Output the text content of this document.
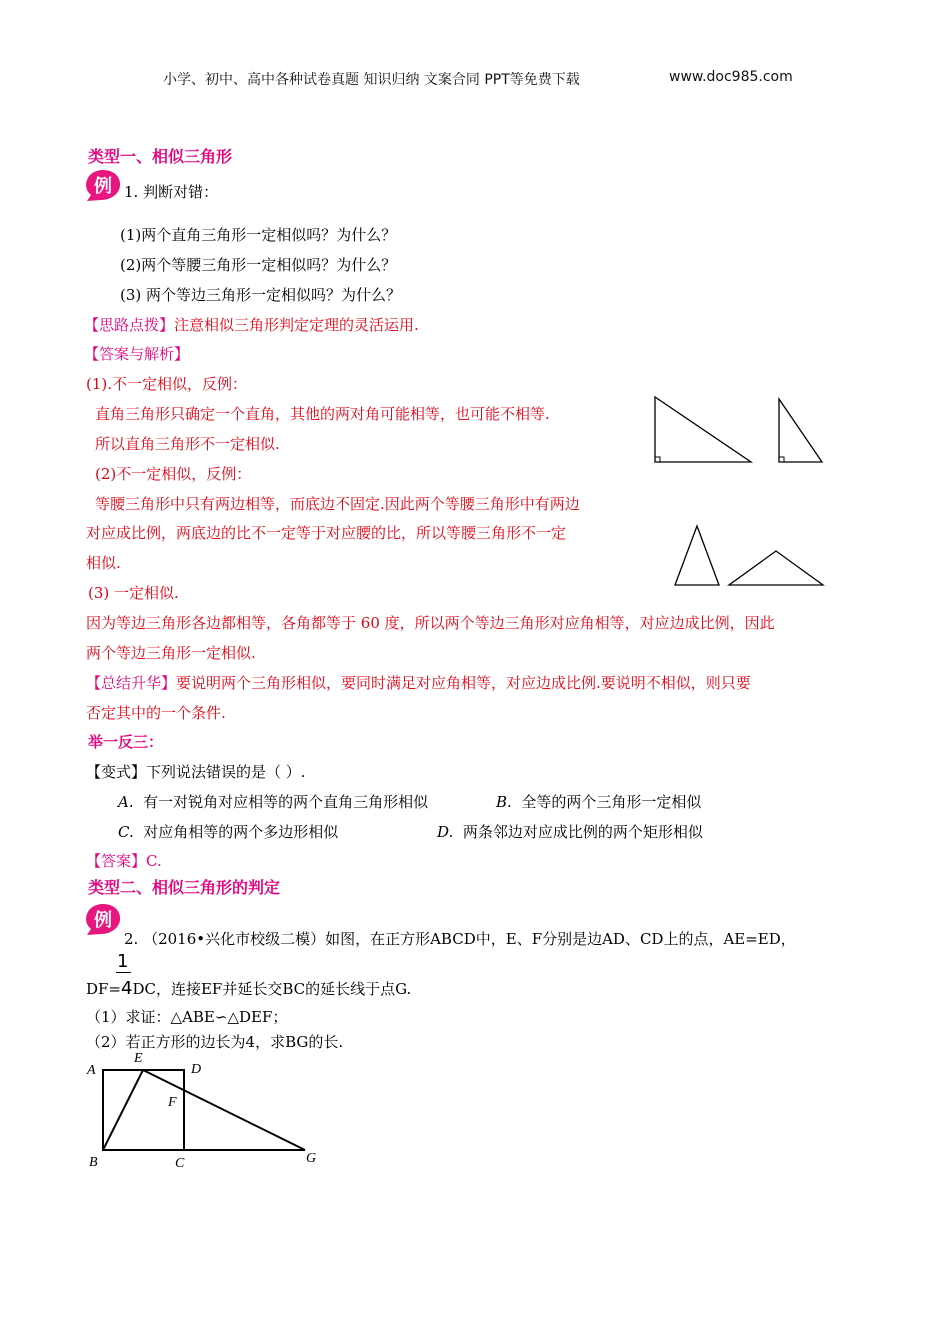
小学、初中、高中各种试卷真题 知识归纳 文案合同 PPT等免费下载	www.doc985.com
类型一、相似三角形
例 1. 判断对错：
(1)两个直角三角形一定相似吗？为什么？
(2)两个等腰三角形一定相似吗？为什么？
(3) 两个等边三角形一定相似吗？为什么？
【思路点拨】注意相似三角形判定定理的灵活运用.
【答案与解析】
(1).不一定相似，反例：
直角三角形只确定一个直角，其他的两对角可能相等，也可能不相等.
所以直角三角形不一定相似.
(2)不一定相似，反例：
等腰三角形中只有两边相等，而底边不固定.因此两个等腰三角形中有两边
对应成比例，两底边的比不一定等于对应腰的比，所以等腰三角形不一定
相似.
(3) 一定相似.
因为等边三角形各边都相等，各角都等于 60 度，所以两个等边三角形对应角相等，对应边成比例，因此
两个等边三角形一定相似.
【总结升华】要说明两个三角形相似，要同时满足对应角相等，对应边成比例.要说明不相似，则只要
否定其中的一个条件.
举一反三：
【变式】下列说法错误的是（ ）.
A. 有一对锐角对应相等的两个直角三角形相似	B. 全等的两个三角形一定相似
C. 对应角相等的两个多边形相似	D. 两条邻边对应成比例的两个矩形相似
【答案】C.
类型二、相似三角形的判定
例
2. （2016•兴化市校级二模）如图，在正方形ABCD中，E、F分别是边AD、CD上的点，AE=ED，
1
DF=4DC，连接EF并延长交BC的延长线于点G.
（1）求证：△ABE∽△DEF；
（2）若正方形的边长为4，求BG的长.
A
E
D
F
B	C	G
